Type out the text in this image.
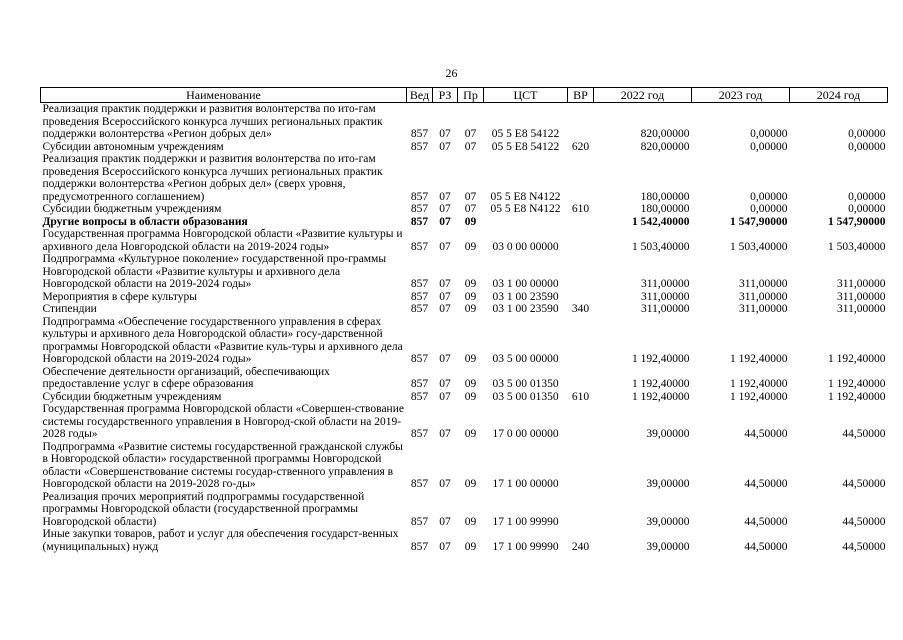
26
Наименование	Вед	РЗ	Пр	ЦСТ	ВР	2022 год	2023 год	2024 год
Реализация практик поддержки и развития волонтерства по ито-гам проведения Всероссийского конкурса лучших региональных практик поддержки волонтерства «Регион добрых дел»	857	07	07	05 5 E8 54122		820,00000	0,00000	0,00000
Субсидии автономным учреждениям	857	07	07	05 5 E8 54122	620	820,00000	0,00000	0,00000
Реализация практик поддержки и развития волонтерства по ито-гам проведения Всероссийского конкурса лучших региональных практик поддержки волонтерства «Регион добрых дел» (сверх уровня, предусмотренного соглашением)	857	07	07	05 5 E8 N4122		180,00000	0,00000	0,00000
Субсидии бюджетным учреждениям	857	07	07	05 5 E8 N4122	610	180,00000	0,00000	0,00000
Другие вопросы в области образования	857	07	09			1 542,40000	1 547,90000	1 547,90000
Государственная программа Новгородской области «Развитие культуры и архивного дела Новгородской области на 2019-2024 годы»	857	07	09	03 0 00 00000		1 503,40000	1 503,40000	1 503,40000
Подпрограмма «Культурное поколение» государственной про-граммы Новгородской области «Развитие культуры и архивного дела Новгородской области на 2019-2024 годы»	857	07	09	03 1 00 00000		311,00000	311,00000	311,00000
Мероприятия в сфере культуры	857	07	09	03 1 00 23590		311,00000	311,00000	311,00000
Стипендии	857	07	09	03 1 00 23590	340	311,00000	311,00000	311,00000
Подпрограмма «Обеспечение государственного управления в сферах культуры и архивного дела Новгородской области» госу-дарственной программы Новгородской области «Развитие куль-туры и архивного дела Новгородской области на 2019-2024 годы»	857	07	09	03 5 00 00000		1 192,40000	1 192,40000	1 192,40000
Обеспечение деятельности организаций, обеспечивающих предоставление услуг в сфере образования	857	07	09	03 5 00 01350		1 192,40000	1 192,40000	1 192,40000
Субсидии бюджетным учреждениям	857	07	09	03 5 00 01350	610	1 192,40000	1 192,40000	1 192,40000
Государственная программа Новгородской области «Совершен-ствование системы государственного управления в Новгород-ской области на 2019-2028 годы»	857	07	09	17 0 00 00000		39,00000	44,50000	44,50000
Подпрограмма «Развитие системы государственной гражданской службы в Новгородской области» государственной программы Новгородской области «Совершенствование системы государ-ственного управления в Новгородской области на 2019-2028 го-ды»	857	07	09	17 1 00 00000		39,00000	44,50000	44,50000
Реализация прочих мероприятий подпрограммы государственной программы Новгородской области (государственной программы Новгородской области)	857	07	09	17 1 00 99990		39,00000	44,50000	44,50000
Иные закупки товаров, работ и услуг для обеспечения государст-венных (муниципальных) нужд	857	07	09	17 1 00 99990	240	39,00000	44,50000	44,50000
